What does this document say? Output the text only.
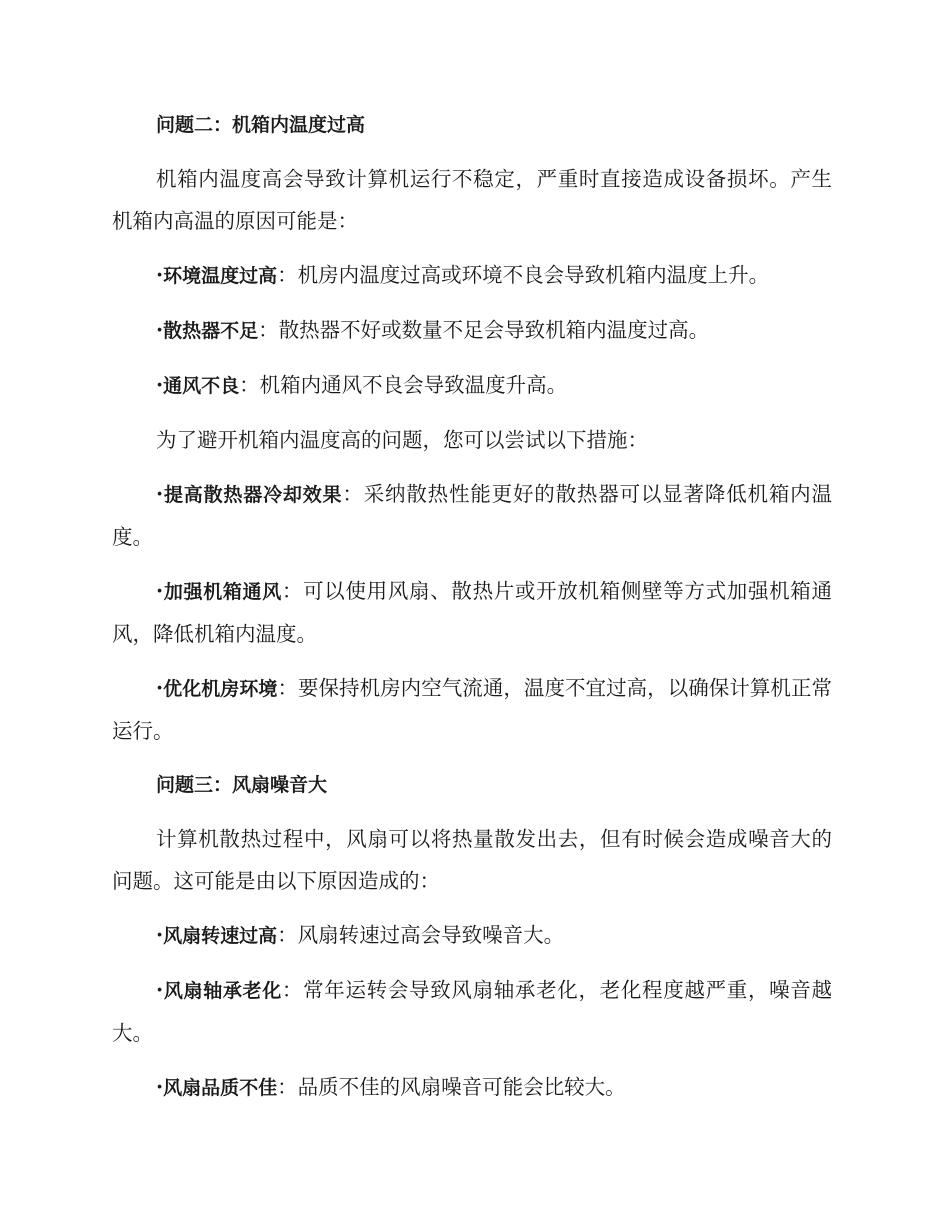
问题二：机箱内温度过高

机箱内温度高会导致计算机运行不稳定，严重时直接造成设备损坏。产生机箱内高温的原因可能是：

·环境温度过高：机房内温度过高或环境不良会导致机箱内温度上升。

·散热器不足：散热器不好或数量不足会导致机箱内温度过高。

·通风不良：机箱内通风不良会导致温度升高。

为了避开机箱内温度高的问题，您可以尝试以下措施：

·提高散热器冷却效果：采纳散热性能更好的散热器可以显著降低机箱内温度。

·加强机箱通风：可以使用风扇、散热片或开放机箱侧壁等方式加强机箱通风，降低机箱内温度。

·优化机房环境：要保持机房内空气流通，温度不宜过高，以确保计算机正常运行。

问题三：风扇噪音大

计算机散热过程中，风扇可以将热量散发出去，但有时候会造成噪音大的问题。这可能是由以下原因造成的：

·风扇转速过高：风扇转速过高会导致噪音大。

·风扇轴承老化：常年运转会导致风扇轴承老化，老化程度越严重，噪音越大。

·风扇品质不佳：品质不佳的风扇噪音可能会比较大。
